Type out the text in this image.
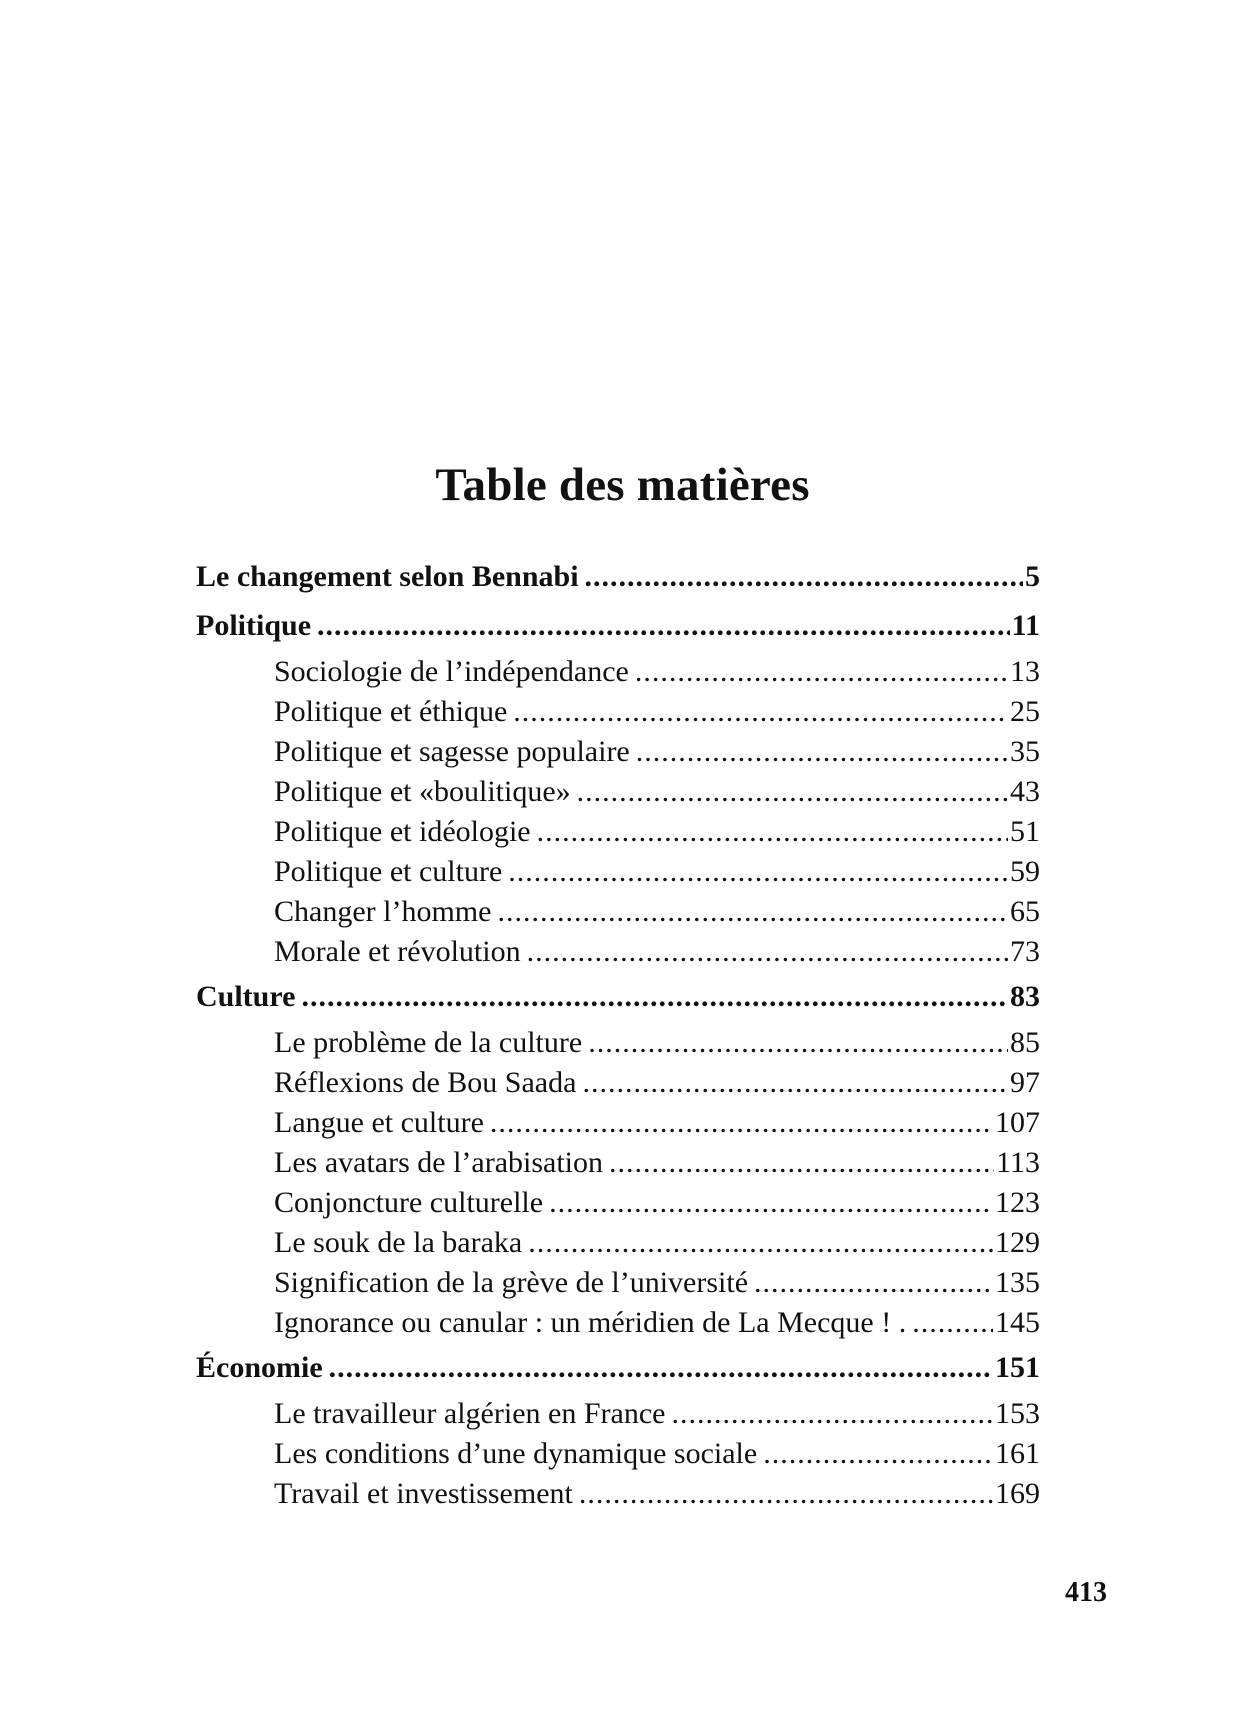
Table des matières
Le changement selon Bennabi .....	5
Politique .....	11
Sociologie de l’indépendance .....	13
Politique et éthique .....	25
Politique et sagesse populaire .....	35
Politique et «boulitique» .....	43
Politique et idéologie .....	51
Politique et culture .....	59
Changer l’homme .....	65
Morale et révolution .....	73
Culture .....	83
Le problème de la culture .....	85
Réflexions de Bou Saada .....	97
Langue et culture .....	107
Les avatars de l’arabisation .....	113
Conjoncture culturelle .....	123
Le souk de la baraka .....	129
Signification de la grève de l’université .....	135
Ignorance ou canular : un méridien de La Mecque ! . .....	145
Économie .....	151
Le travailleur algérien en France .....	153
Les conditions d’une dynamique sociale .....	161
Travail et investissement .....	169
413
